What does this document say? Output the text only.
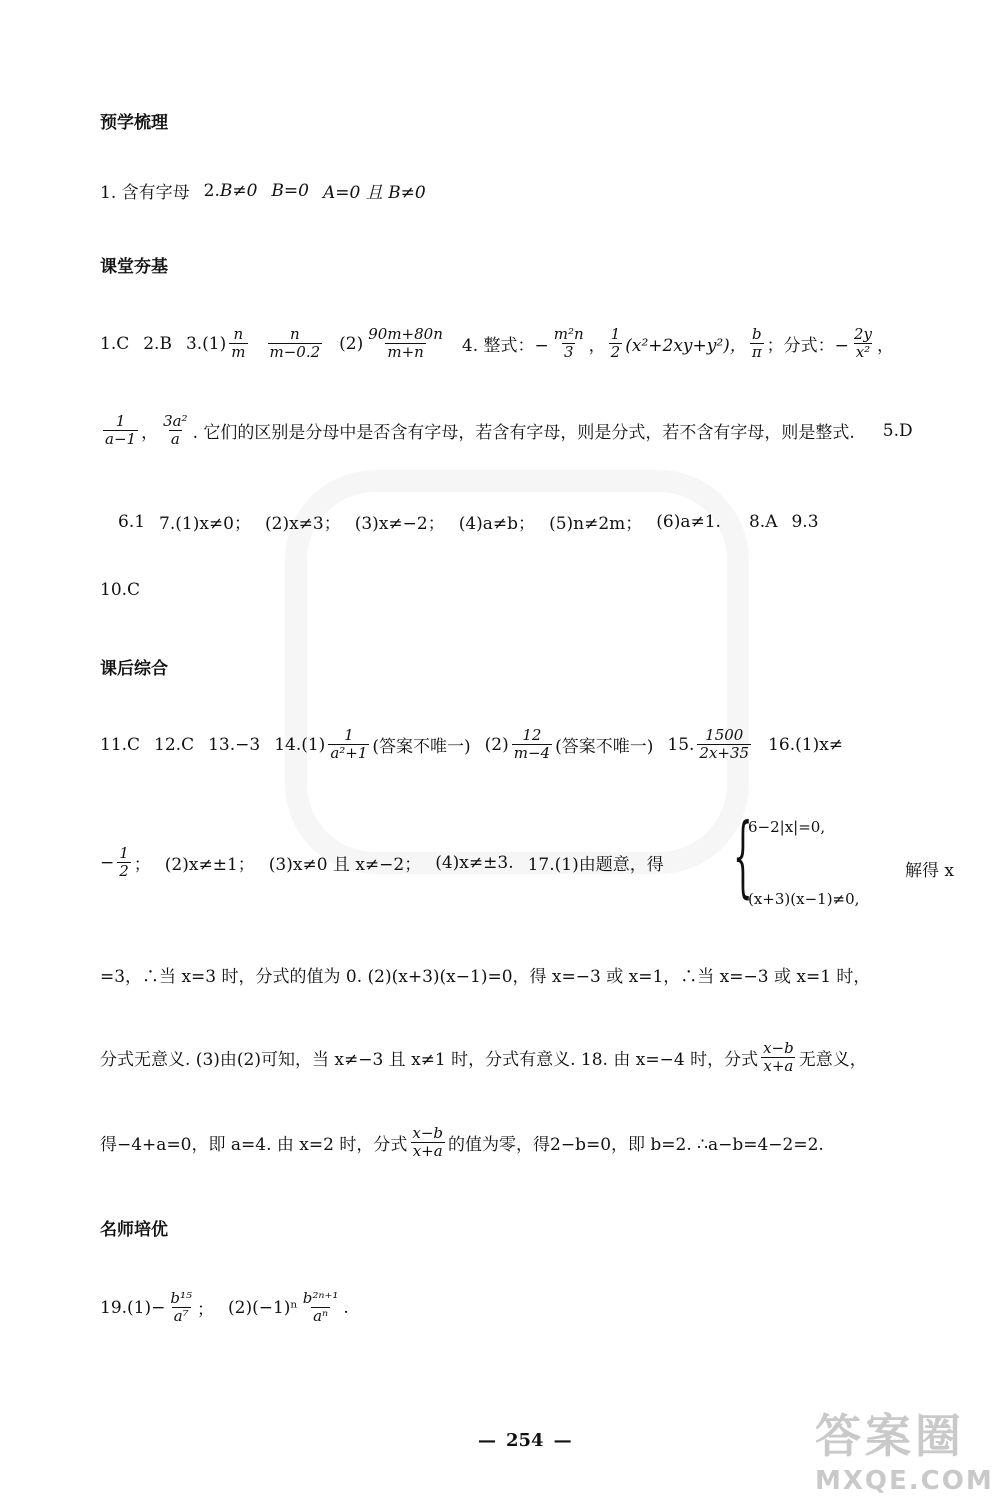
预学梳理
1. 含有字母 2. B≠0 B=0 A=0 且 B≠0
课堂夯基
1.C 2.B $3.(1) \frac{n}{m} \frac{n}{m-0.2} (2) \frac{90m+80n}{m+n} 4$. 整式：− $\frac{\text{m²n}}{3}$ ， $\frac{1}{2} (x^2+2xy+y^2)$， $\frac{b}{\pi}$ ；分式：− $\frac{2y}{\text{x²}}$ ，
$\frac{1}{a-1}$ ， $\frac{\text{3a²}}{a}$ . 它们的区别是分母中是否含有字母，若含有字母，则是分式，若不含有字母，则是整式. 5.D
6.1 7.(1)x≠0； (2)x≠3； (3)x≠−2； (4)a≠b； (5)n≠2m； (6)a≠1. 8.A 9.3
10.C
课后综合
11.C 12.C 13.−3 $14.(1) \frac{1}{\text{a²+1}}$ (答案不唯一) $(2) \frac{12}{m-4}$ (答案不唯一) 15. $\frac{1500}{2x+35} 16.(1)x\ne$
− $\frac{1}{2}$ ； (2)x≠±1； (3)x≠0 且 x≠−2； (4)x≠±3. 17.(1)由题意，得 {
6−2|x|=0,
(x+3)(x−1)≠0,
解得 x
=3，∴当 x=3 时，分式的值为 0. (2)(x+3)(x−1)=0，得 x=−3 或 x=1，∴当 x=−3 或 x=1 时，
分式无意义. (3)由(2)可知，当 x≠−3 且 x≠1 时，分式有意义. 18. 由 x=−4 时，分式 $\frac{x-b}{x+a}$ 无意义，
得−4+a=0，即 a=4. 由 x=2 时，分式 $\frac{x-b}{x+a}$ 的值为零，得2−b=0，即 b=2. ∴a−b=4−2=2.
名师培优
$19.(1)- \frac{\text{b¹⁵}}{\text{a⁷}}$ ； $(2)(-1)^n \frac{\text{b²ⁿ⁺¹}}{\text{aⁿ}}$ .
— 254 —	答案圈
MXQE.COM
